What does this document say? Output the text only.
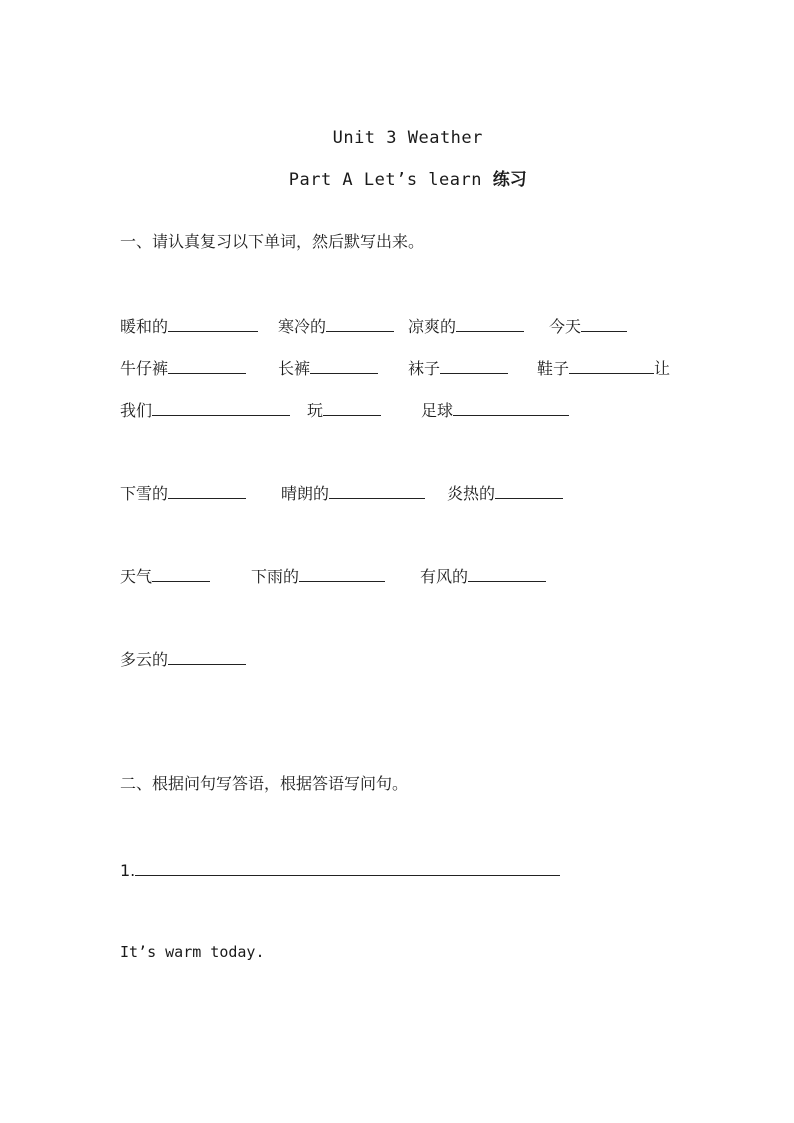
Unit 3 Weather

Part A Let’s learn 练习

一、请认真复习以下单词，然后默写出来。
暖和的	寒冷的	凉爽的	今天
牛仔裤	长裤	袜子	鞋子	让
我们	玩	足球
下雪的	晴朗的	炎热的
天气	下雨的	有风的
多云的
二、根据问句写答语，根据答语写问句。
1.
It’s warm today.
